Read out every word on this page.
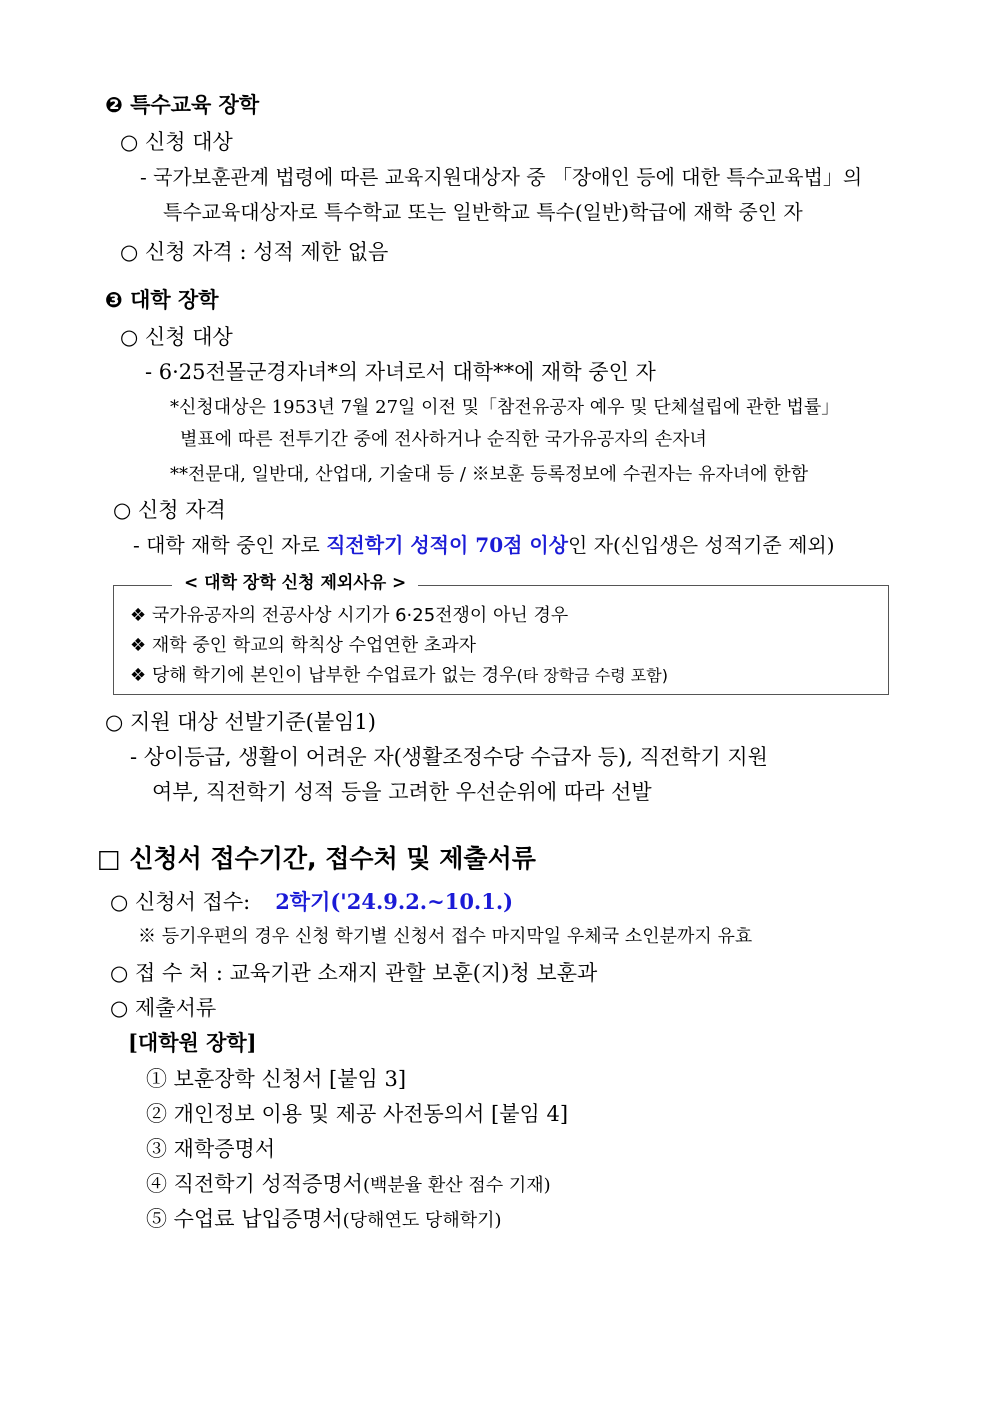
❷ 특수교육 장학
○ 신청 대상
- 국가보훈관계 법령에 따른 교육지원대상자 중 「장애인 등에 대한 특수교육법」의
특수교육대상자로 특수학교 또는 일반학교 특수(일반)학급에 재학 중인 자
○ 신청 자격 : 성적 제한 없음
❸ 대학 장학
○ 신청 대상
- 6·25전몰군경자녀*의 자녀로서 대학**에 재학 중인 자
*신청대상은 1953년 7월 27일 이전 및「참전유공자 예우 및 단체설립에 관한 법률」
별표에 따른 전투기간 중에 전사하거나 순직한 국가유공자의 손자녀
**전문대, 일반대, 산업대, 기술대 등 / ※보훈 등록정보에 수권자는 유자녀에 한함
○ 신청 자격
- 대학 재학 중인 자로 직전학기 성적이 70점 이상인 자(신입생은 성적기준 제외)
< 대학 장학 신청 제외사유 >
❖ 국가유공자의 전공사상 시기가 6·25전쟁이 아닌 경우
❖ 재학 중인 학교의 학칙상 수업연한 초과자
❖ 당해 학기에 본인이 납부한 수업료가 없는 경우(타 장학금 수령 포함)
○ 지원 대상 선발기준(붙임1)
- 상이등급, 생활이 어려운 자(생활조정수당 수급자 등), 직전학기 지원
여부, 직전학기 성적 등을 고려한 우선순위에 따라 선발
□ 신청서 접수기간, 접수처 및 제출서류
○ 신청서 접수: 2학기('24.9.2.~10.1.)
※ 등기우편의 경우 신청 학기별 신청서 접수 마지막일 우체국 소인분까지 유효
○ 접 수 처 : 교육기관 소재지 관할 보훈(지)청 보훈과
○ 제출서류
[대학원 장학]
① 보훈장학 신청서 [붙임 3]
② 개인정보 이용 및 제공 사전동의서 [붙임 4]
③ 재학증명서
④ 직전학기 성적증명서(백분율 환산 점수 기재)
⑤ 수업료 납입증명서(당해연도 당해학기)
